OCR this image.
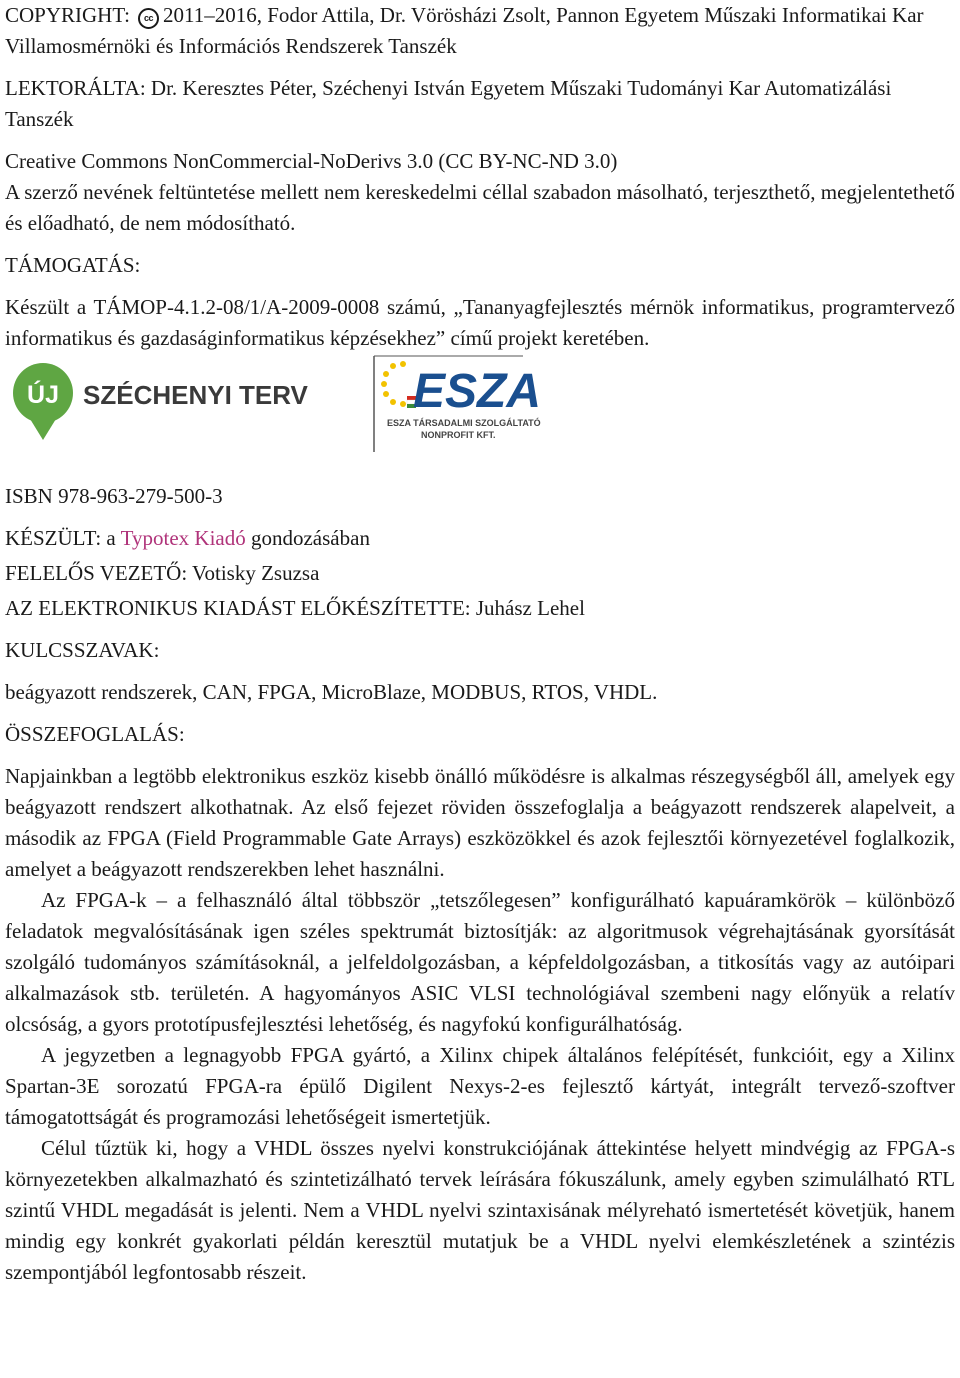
COPYRIGHT: cc 2011–2016, Fodor Attila, Dr. Vörösházi Zsolt, Pannon Egyetem Műszaki Informatikai Kar Villamosmérnöki és Információs Rendszerek Tanszék

LEKTORÁLTA: Dr. Keresztes Péter, Széchenyi István Egyetem Műszaki Tudományi Kar Automatizálási Tanszék

Creative Commons NonCommercial-NoDerivs 3.0 (CC BY-NC-ND 3.0)

A szerző nevének feltüntetése mellett nem kereskedelmi céllal szabadon másolható, terjeszthető, megjelentethető és előadható, de nem módosítható.

TÁMOGATÁS:

Készült a TÁMOP-4.1.2-08/1/A-2009-0008 számú, „Tananyagfejlesztés mérnök informatikus, programtervező informatikus és gazdaságinformatikus képzésekhez” című projekt keretében.

ÚJ SZÉCHENYI TERV ESZA
ESZA TÁRSADALMI SZOLGÁLTATÓ
NONPROFIT KFT.

ISBN 978-963-279-500-3

KÉSZÜLT: a Typotex Kiadó gondozásában

FELELŐS VEZETŐ: Votisky Zsuzsa

AZ ELEKTRONIKUS KIADÁST ELŐKÉSZÍTETTE: Juhász Lehel

KULCSSZAVAK:

beágyazott rendszerek, CAN, FPGA, MicroBlaze, MODBUS, RTOS, VHDL.

ÖSSZEFOGLALÁS:

Napjainkban a legtöbb elektronikus eszköz kisebb önálló működésre is alkalmas részegységből áll, amelyek egy beágyazott rendszert alkothatnak. Az első fejezet röviden összefoglalja a beágyazott rendszerek alapelveit, a második az FPGA (Field Programmable Gate Arrays) eszközökkel és azok fejlesztői környezetével foglalkozik, amelyet a beágyazott rendszerekben lehet használni.

Az FPGA-k – a felhasználó által többször „tetszőlegesen” konfigurálható kapuáramkörök – különböző feladatok megvalósításának igen széles spektrumát biztosítják: az algoritmusok végrehajtásának gyorsítását szolgáló tudományos számításoknál, a jelfeldolgozásban, a képfeldolgozásban, a titkosítás vagy az autóipari alkalmazások stb. területén. A hagyományos ASIC VLSI technológiával szembeni nagy előnyük a relatív olcsóság, a gyors prototípusfejlesztési lehetőség, és nagyfokú konfigurálhatóság.

A jegyzetben a legnagyobb FPGA gyártó, a Xilinx chipek általános felépítését, funkcióit, egy a Xilinx Spartan-3E sorozatú FPGA-ra épülő Digilent Nexys-2-es fejlesztő kártyát, integrált tervező-szoftver támogatottságát és programozási lehetőségeit ismertetjük.

Célul tűztük ki, hogy a VHDL összes nyelvi konstrukciójának áttekintése helyett mindvégig az FPGA-s környezetekben alkalmazható és szintetizálható tervek leírására fókuszálunk, amely egyben szimulálható RTL szintű VHDL megadását is jelenti. Nem a VHDL nyelvi szintaxisának mélyreható ismertetését követjük, hanem mindig egy konkrét gyakorlati példán keresztül mutatjuk be a VHDL nyelvi elemkészletének a szintézis szempontjából legfontosabb részeit.
